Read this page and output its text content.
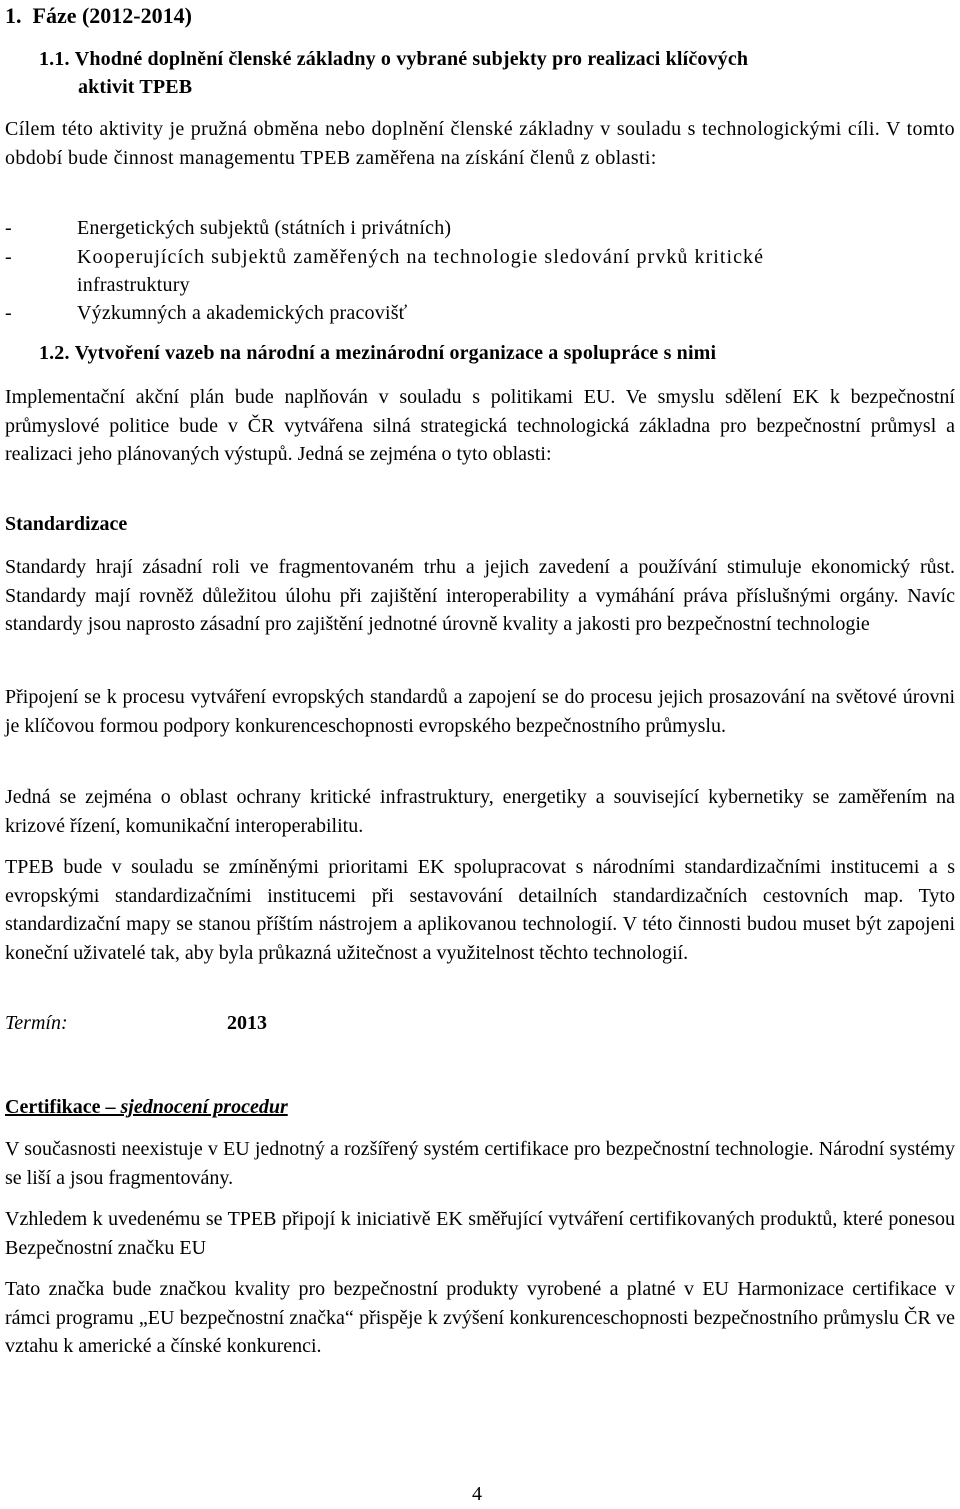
1. Fáze (2012-2014)
1.1. Vhodné doplnění členské základny o vybrané subjekty pro realizaci klíčových
aktivit TPEB

Cílem této aktivity je pružná obměna nebo doplnění členské základny v souladu s technologickými cíli. V tomto období bude činnost managementu TPEB zaměřena na získání členů z oblasti:

-	Energetických subjektů (státních i privátních)
-	Kooperujících subjektů zaměřených na technologie sledování prvků kritické
infrastruktury
-	Výzkumných a akademických pracovišť
1.2. Vytvoření vazeb na národní a mezinárodní organizace a spolupráce s nimi

Implementační akční plán bude naplňován v souladu s politikami EU. Ve smyslu sdělení EK k bezpečnostní průmyslové politice bude v ČR vytvářena silná strategická technologická základna pro bezpečnostní průmysl a realizaci jeho plánovaných výstupů. Jedná se zejména o tyto oblasti:

Standardizace

Standardy hrají zásadní roli ve fragmentovaném trhu a jejich zavedení a používání stimuluje ekonomický růst. Standardy mají rovněž důležitou úlohu při zajištění interoperability a vymáhání práva příslušnými orgány. Navíc standardy jsou naprosto zásadní pro zajištění jednotné úrovně kvality a jakosti pro bezpečnostní technologie

Připojení se k procesu vytváření evropských standardů a zapojení se do procesu jejich prosazování na světové úrovni je klíčovou formou podpory konkurenceschopnosti evropského bezpečnostního průmyslu.

Jedná se zejména o oblast ochrany kritické infrastruktury, energetiky a související kybernetiky se zaměřením na krizové řízení, komunikační interoperabilitu.

TPEB bude v souladu se zmíněnými prioritami EK spolupracovat s národními standardizačními institucemi a s evropskými standardizačními institucemi při sestavování detailních standardizačních cestovních map. Tyto standardizační mapy se stanou příštím nástrojem a aplikovanou technologií. V této činnosti budou muset být zapojeni koneční uživatelé tak, aby byla průkazná užitečnost a využitelnost těchto technologií.

Termín:	2013
Certifikace – sjednocení procedur

V současnosti neexistuje v EU jednotný a rozšířený systém certifikace pro bezpečnostní technologie. Národní systémy se liší a jsou fragmentovány.

Vzhledem k uvedenému se TPEB připojí k iniciativě EK směřující vytváření certifikovaných produktů, které ponesou Bezpečnostní značku EU

Tato značka bude značkou kvality pro bezpečnostní produkty vyrobené a platné v EU Harmonizace certifikace v rámci programu „EU bezpečnostní značka“ přispěje k zvýšení konkurenceschopnosti bezpečnostního průmyslu ČR ve vztahu k americké a čínské konkurenci.

4
